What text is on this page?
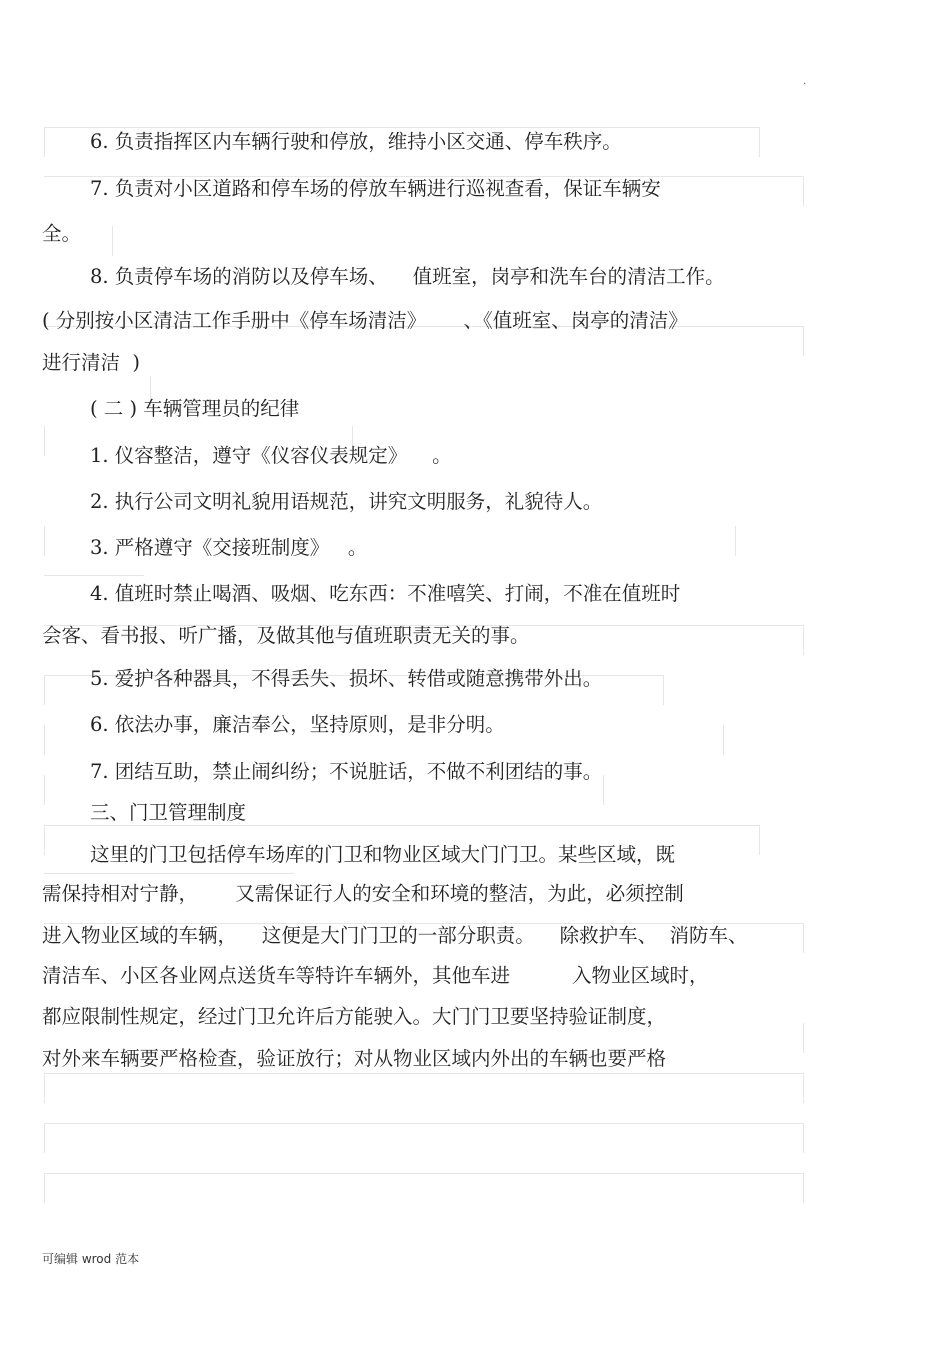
.
6. 负责指挥区内车辆行驶和停放，维持小区交通、停车秩序。
7. 负责对小区道路和停车场的停放车辆进行巡视查看，保证车辆安
全。
8. 负责停车场的消防以及停车场、    值班室，岗亭和洗车台的清洁工作。
( 分别按小区清洁工作手册中《停车场清洁》      、《值班室、岗亭的清洁》
进行清洁  )
( 二 ) 车辆管理员的纪律
1. 仪容整洁，遵守《仪容仪表规定》    。
2. 执行公司文明礼貌用语规范，讲究文明服务，礼貌待人。
3. 严格遵守《交接班制度》   。
4. 值班时禁止喝酒、吸烟、吃东西：不准嘻笑、打闹，不准在值班时
会客、看书报、听广播，及做其他与值班职责无关的事。
5. 爱护各种器具，不得丢失、损坏、转借或随意携带外出。
6. 依法办事，廉洁奉公，坚持原则，是非分明。
7. 团结互助，禁止闹纠纷；不说脏话，不做不利团结的事。
三、门卫管理制度
这里的门卫包括停车场库的门卫和物业区域大门门卫。某些区域，既
需保持相对宁静，      又需保证行人的安全和环境的整洁，为此，必须控制
进入物业区域的车辆，    这便是大门门卫的一部分职责。    除救护车、  消防车、
清洁车、小区各业网点送货车等特许车辆外，其他车进          入物业区域时，
都应限制性规定，经过门卫允许后方能驶入。大门门卫要坚持验证制度，
对外来车辆要严格检查，验证放行；对从物业区域内外出的车辆也要严格
可编辑 wrod 范本
